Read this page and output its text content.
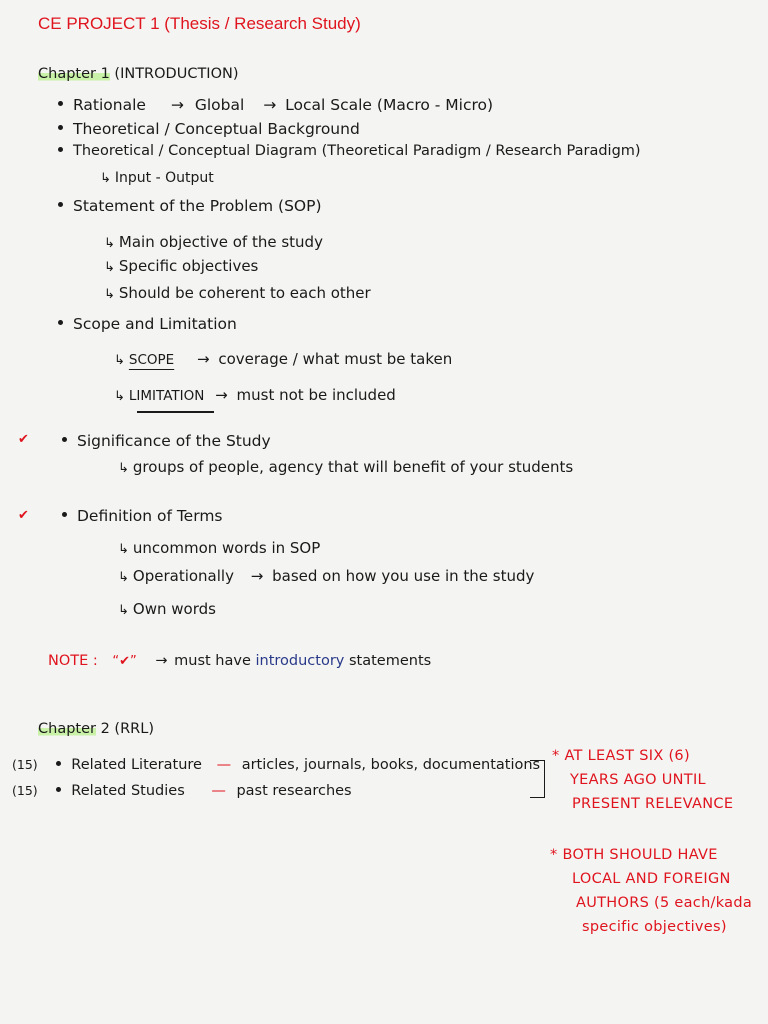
CE PROJECT 1 (Thesis / Research Study)
Chapter 1 (INTRODUCTION)
Rationale → Global → Local Scale (Macro - Micro)
Theoretical / Conceptual Background
Theoretical / Conceptual Diagram (Theoretical Paradigm / Research Paradigm)
↳ Input - Output
Statement of the Problem (SOP)
↳ Main objective of the study
↳ Specific objectives
↳ Should be coherent to each other
Scope and Limitation
↳ SCOPE → coverage / what must be taken
↳ LIMITATION → must not be included
✔	Significance of the Study
↳ groups of people, agency that will benefit of your students
✔	Definition of Terms
↳ uncommon words in SOP
↳ Operationally → based on how you use in the study
↳ Own words
NOTE : “✔” → must have introductory statements
Chapter 2 (RRL)
(15) Related Literature — articles, journals, books, documentations
(15) Related Studies — past researches
* AT LEAST SIX (6)
YEARS AGO UNTIL
PRESENT RELEVANCE
* BOTH SHOULD HAVE
LOCAL AND FOREIGN
AUTHORS (5 each/kada
specific objectives)
